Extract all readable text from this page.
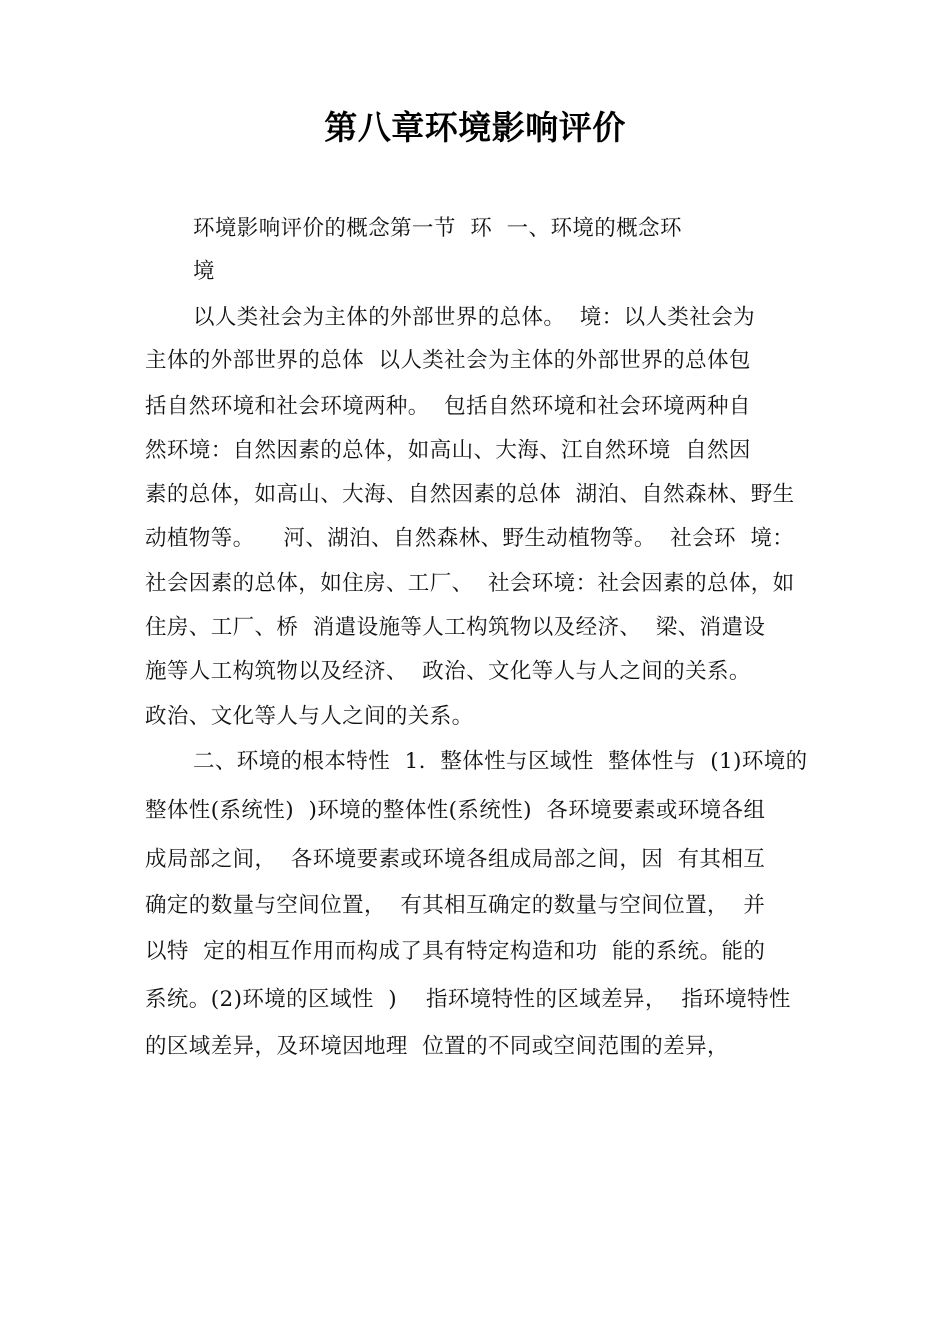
第八章环境影响评价
环境影响评价的概念第一节  环  一、环境的概念环
境
以人类社会为主体的外部世界的总体。  境：以人类社会为
主体的外部世界的总体  以人类社会为主体的外部世界的总体包
括自然环境和社会环境两种。  包括自然环境和社会环境两种自
然环境：自然因素的总体，如高山、大海、江自然环境  自然因
素的总体，如高山、大海、自然因素的总体  湖泊、自然森林、野生
动植物等。    河、湖泊、自然森林、野生动植物等。  社会环  境：
社会因素的总体，如住房、工厂、  社会环境：社会因素的总体，如
住房、工厂、桥  消遣设施等人工构筑物以及经济、  梁、消遣设
施等人工构筑物以及经济、  政治、文化等人与人之间的关系。
政治、文化等人与人之间的关系。
二、环境的根本特性  1.  整体性与区域性  整体性与  (1)环境的
整体性(系统性)  )环境的整体性(系统性)  各环境要素或环境各组
成局部之间，  各环境要素或环境各组成局部之间，因  有其相互
确定的数量与空间位置，  有其相互确定的数量与空间位置，  并
以特  定的相互作用而构成了具有特定构造和功  能的系统。能的
系统。(2)环境的区域性  )    指环境特性的区域差异，  指环境特性
的区域差异，及环境因地理  位置的不同或空间范围的差异，
